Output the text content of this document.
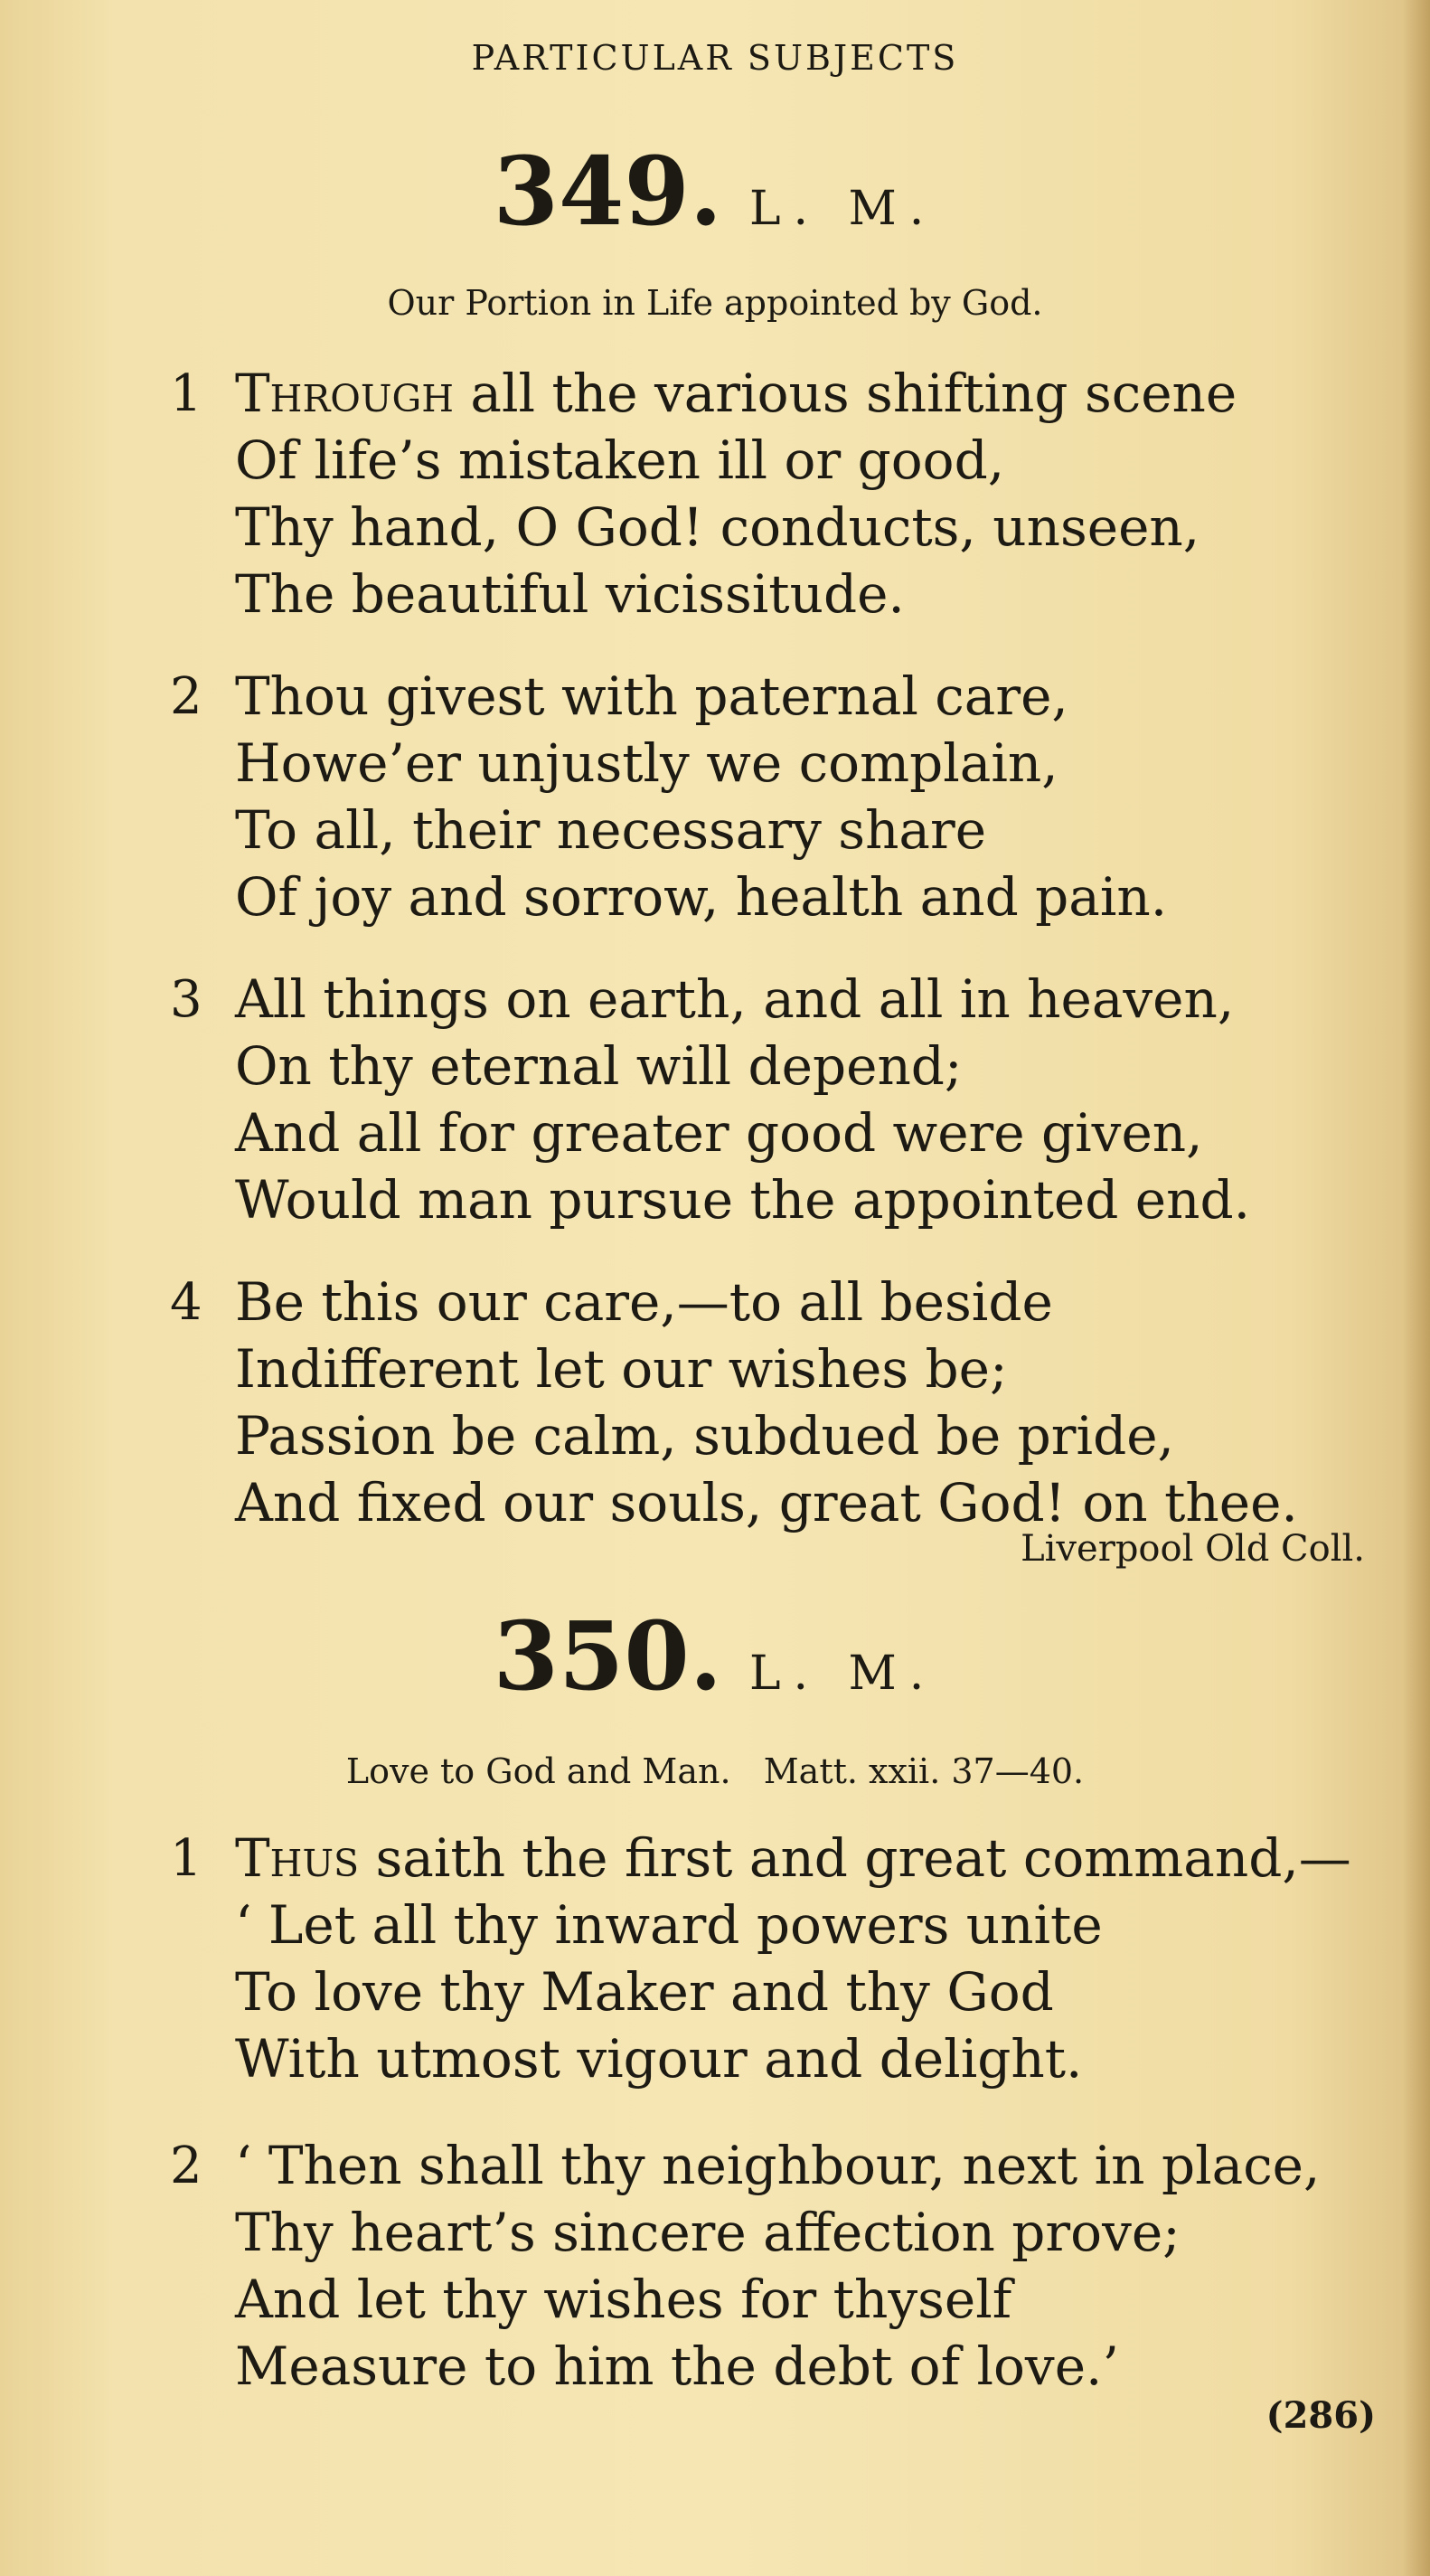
PARTICULAR SUBJECTS
349. L. M.
Our Portion in Life appointed by God.
1 Through all the various shifting scene
Of life’s mistaken ill or good,
Thy hand, O God! conducts, unseen,
The beautiful vicissitude.
2 Thou givest with paternal care,
Howe’er unjustly we complain,
To all, their necessary share
Of joy and sorrow, health and pain.
3 All things on earth, and all in heaven,
On thy eternal will depend;
And all for greater good were given,
Would man pursue the appointed end.
4 Be this our care,—to all beside
Indifferent let our wishes be;
Passion be calm, subdued be pride,
And fixed our souls, great God! on thee.
Liverpool Old Coll.
350. L. M.
Love to God and Man.   Matt. xxii. 37—40.
1 Thus saith the first and great command,—
‘ Let all thy inward powers unite
To love thy Maker and thy God
With utmost vigour and delight.
2 ‘ Then shall thy neighbour, next in place,
Thy heart’s sincere affection prove;
And let thy wishes for thyself
Measure to him the debt of love.’
(286)
